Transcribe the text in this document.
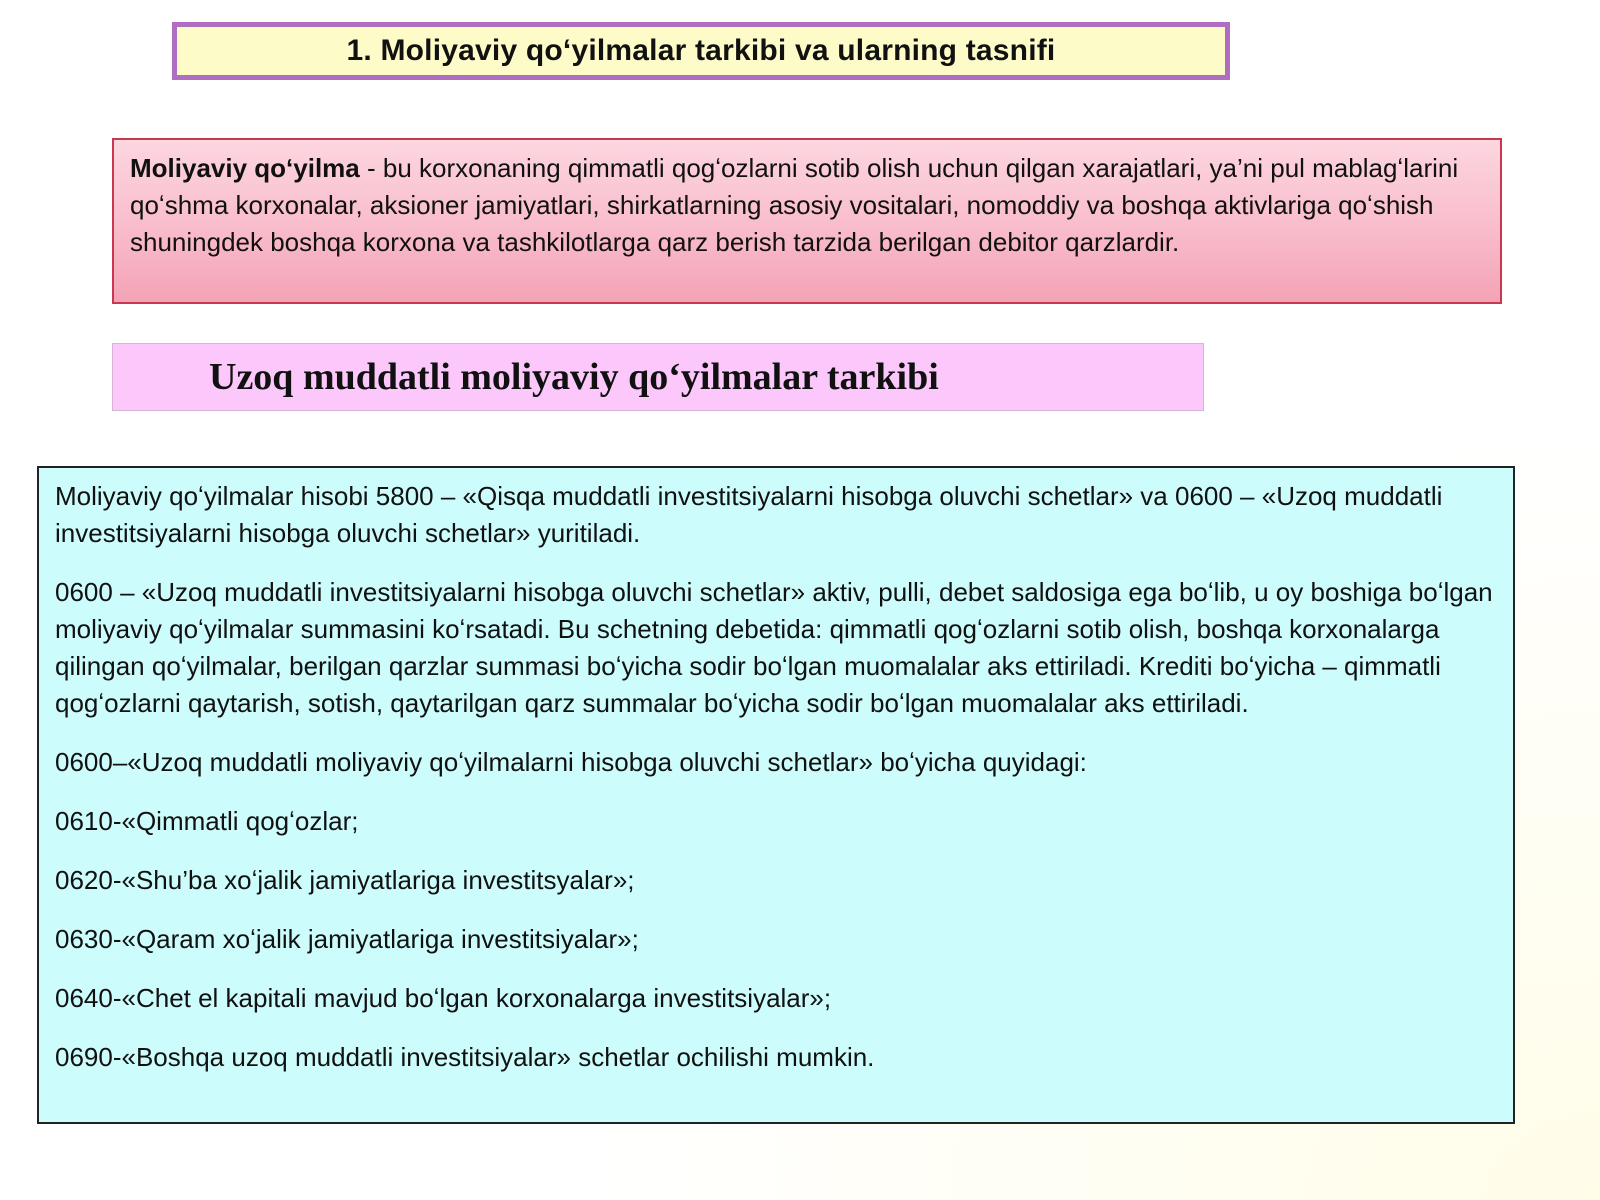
1. Moliyaviy qoʻyilmalar tarkibi va ularning tasnifi
Moliyaviy qoʻyilma - bu korxonaning qimmatli qogʻozlarni sotib olish uchun qilgan xarajatlari, ya’ni pul mablagʻlarini qoʻshma korxonalar, aksioner jamiyatlari, shirkatlarning asosiy vositalari, nomoddiy va boshqa aktivlariga qoʻshish shuningdek boshqa korxona va tashkilotlarga qarz berish tarzida berilgan debitor qarzlardir.
Uzoq muddatli moliyaviy qoʻyilmalar tarkibi

Moliyaviy qoʻyilmalar hisobi 5800 – «Qisqa muddatli investitsiyalarni hisobga oluvchi schetlar» va 0600 – «Uzoq muddatli investitsiyalarni hisobga oluvchi schetlar» yuritiladi.

0600 – «Uzoq muddatli investitsiyalarni hisobga oluvchi schetlar» aktiv, pulli, debet saldosiga ega boʻlib, u oy boshiga boʻlgan moliyaviy qoʻyilmalar summasini koʻrsatadi. Bu schetning debetida: qimmatli qogʻozlarni sotib olish, boshqa korxonalarga qilingan qoʻyilmalar, berilgan qarzlar summasi boʻyicha sodir boʻlgan muomalalar aks ettiriladi. Krediti boʻyicha – qimmatli qogʻozlarni qaytarish, sotish, qaytarilgan qarz summalar boʻyicha sodir boʻlgan muomalalar aks ettiriladi.

0600–«Uzoq muddatli moliyaviy qoʻyilmalarni hisobga oluvchi schetlar» boʻyicha quyidagi:

0610-«Qimmatli qogʻozlar;

0620-«Shu’ba xoʻjalik jamiyatlariga investitsyalar»;

0630-«Qaram xoʻjalik jamiyatlariga investitsiyalar»;

0640-«Chet el kapitali mavjud boʻlgan korxonalarga investitsiyalar»;

0690-«Boshqa uzoq muddatli investitsiyalar» schetlar ochilishi mumkin.
